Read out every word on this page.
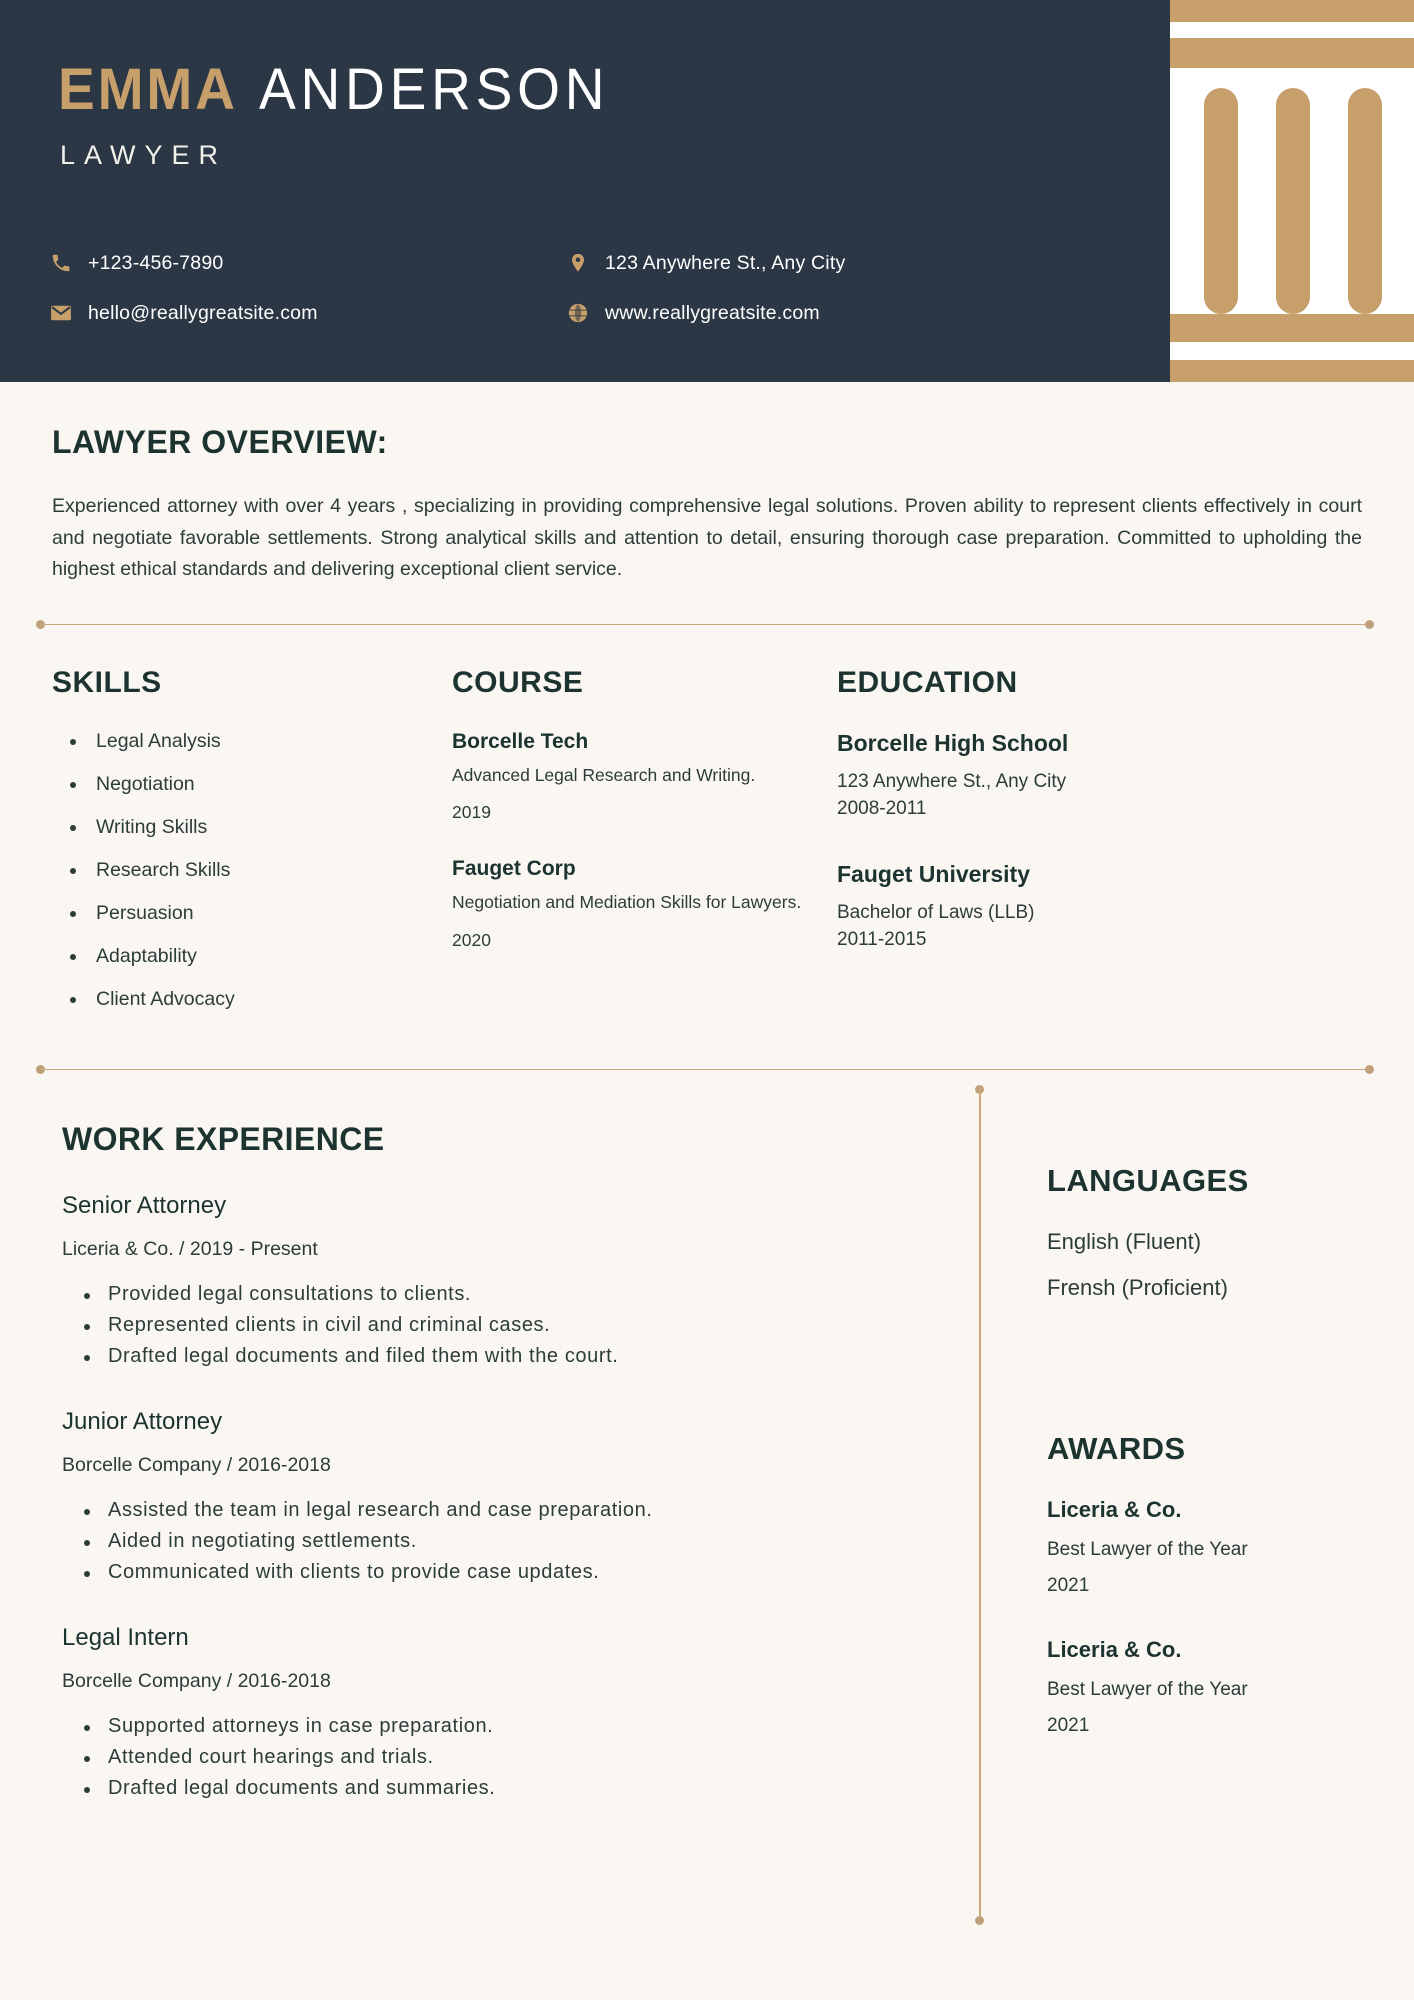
EMMA ANDERSON
LAWYER
+123-456-7890	123 Anywhere St., Any City
hello@reallygreatsite.com	www.reallygreatsite.com
LAWYER OVERVIEW:

Experienced attorney with over 4 years , specializing in providing comprehensive legal solutions. Proven ability to represent clients effectively in court and negotiate favorable settlements. Strong analytical skills and attention to detail, ensuring thorough case preparation. Committed to upholding the highest ethical standards and delivering exceptional client service.

SKILLS
Legal Analysis
Negotiation
Writing Skills
Research Skills
Persuasion
Adaptability
Client Advocacy
COURSE
Borcelle Tech
Advanced Legal Research and Writing.
2019
Fauget Corp
Negotiation and Mediation Skills for Lawyers.
2020
EDUCATION
Borcelle High School
123 Anywhere St., Any City
2008-2011
Fauget University
Bachelor of Laws (LLB)
2011-2015
WORK EXPERIENCE
Senior Attorney
Liceria & Co. / 2019 - Present
Provided legal consultations to clients.
Represented clients in civil and criminal cases.
Drafted legal documents and filed them with the court.
Junior Attorney
Borcelle Company / 2016-2018
Assisted the team in legal research and case preparation.
Aided in negotiating settlements.
Communicated with clients to provide case updates.
Legal Intern
Borcelle Company / 2016-2018
Supported attorneys in case preparation.
Attended court hearings and trials.
Drafted legal documents and summaries.
LANGUAGES
English (Fluent)
Frensh (Proficient)
AWARDS
Liceria & Co.
Best Lawyer of the Year
2021
Liceria & Co.
Best Lawyer of the Year
2021
